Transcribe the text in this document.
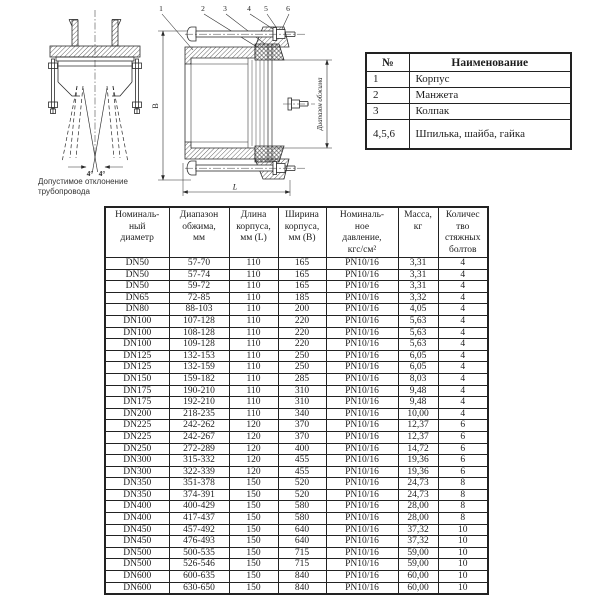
4° 4°
Допустимое отклонение
трубопровода
1	2 3	4 5 6
B
L
Диапазон обжима
№	Наименование
1	Корпус
2	Манжета
3	Колпак
4,5,6	Шпилька, шайба, гайка
Номиналь-
ный
диаметр	Диапазон
обжима,
мм	Длина
корпуса,
мм (L)	Ширина
корпуса,
мм (B)	Номиналь-
ное
давление,
кгс/см²	Масса,
кг	Количес
тво
стяжных
болтов
DN50	57-70	110	165	PN10/16	3,31	4
DN50	57-74	110	165	PN10/16	3,31	4
DN50	59-72	110	165	PN10/16	3,31	4
DN65	72-85	110	185	PN10/16	3,32	4
DN80	88-103	110	200	PN10/16	4,05	4
DN100	107-128	110	220	PN10/16	5,63	4
DN100	108-128	110	220	PN10/16	5,63	4
DN100	109-128	110	220	PN10/16	5,63	4
DN125	132-153	110	250	PN10/16	6,05	4
DN125	132-159	110	250	PN10/16	6,05	4
DN150	159-182	110	285	PN10/16	8,03	4
DN175	190-210	110	310	PN10/16	9,48	4
DN175	192-210	110	310	PN10/16	9,48	4
DN200	218-235	110	340	PN10/16	10,00	4
DN225	242-262	120	370	PN10/16	12,37	6
DN225	242-267	120	370	PN10/16	12,37	6
DN250	272-289	120	400	PN10/16	14,72	6
DN300	315-332	120	455	PN10/16	19,36	6
DN300	322-339	120	455	PN10/16	19,36	6
DN350	351-378	150	520	PN10/16	24,73	8
DN350	374-391	150	520	PN10/16	24,73	8
DN400	400-429	150	580	PN10/16	28,00	8
DN400	417-437	150	580	PN10/16	28,00	8
DN450	457-492	150	640	PN10/16	37,32	10
DN450	476-493	150	640	PN10/16	37,32	10
DN500	500-535	150	715	PN10/16	59,00	10
DN500	526-546	150	715	PN10/16	59,00	10
DN600	600-635	150	840	PN10/16	60,00	10
DN600	630-650	150	840	PN10/16	60,00	10
